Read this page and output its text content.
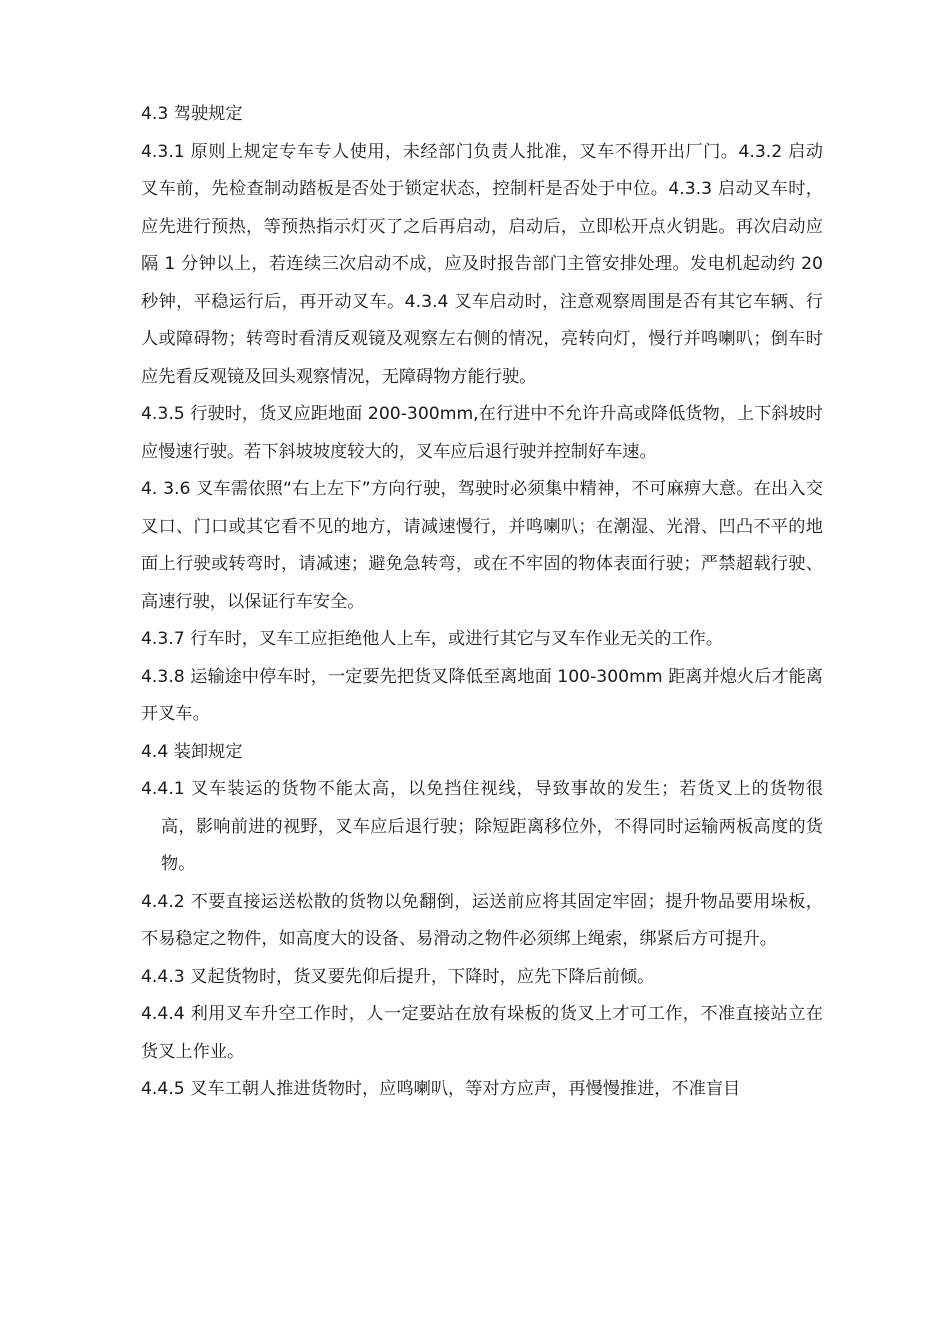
4.3 驾驶规定

4.3.1 原则上规定专车专人使用，未经部门负责人批准，叉车不得开出厂门。4.3.2 启动叉车前，先检查制动踏板是否处于锁定状态，控制杆是否处于中位。4.3.3 启动叉车时，应先进行预热，等预热指示灯灭了之后再启动，启动后，立即松开点火钥匙。再次启动应隔 1 分钟以上，若连续三次启动不成，应及时报告部门主管安排处理。发电机起动约 20 秒钟，平稳运行后，再开动叉车。4.3.4 叉车启动时，注意观察周围是否有其它车辆、行人或障碍物；转弯时看清反观镜及观察左右侧的情况，亮转向灯，慢行并鸣喇叭；倒车时应先看反观镜及回头观察情况，无障碍物方能行驶。

4.3.5 行驶时，货叉应距地面 200-300mm,在行进中不允许升高或降低货物，上下斜坡时应慢速行驶。若下斜坡坡度较大的，叉车应后退行驶并控制好车速。

4. 3.6 叉车需依照“右上左下”方向行驶，驾驶时必须集中精神，不可麻痹大意。在出入交叉口、门口或其它看不见的地方，请减速慢行，并鸣喇叭；在潮湿、光滑、凹凸不平的地面上行驶或转弯时，请减速；避免急转弯，或在不牢固的物体表面行驶；严禁超载行驶、高速行驶，以保证行车安全。

4.3.7 行车时，叉车工应拒绝他人上车，或进行其它与叉车作业无关的工作。

4.3.8 运输途中停车时，一定要先把货叉降低至离地面 100-300mm 距离并熄火后才能离开叉车。

4.4 装卸规定

4.4.1 叉车装运的货物不能太高，以免挡住视线，导致事故的发生；若货叉上的货物很高，影响前进的视野，叉车应后退行驶；除短距离移位外，不得同时运输两板高度的货物。

4.4.2 不要直接运送松散的货物以免翻倒，运送前应将其固定牢固；提升物品要用垛板，不易稳定之物件，如高度大的设备、易滑动之物件必须绑上绳索，绑紧后方可提升。

4.4.3 叉起货物时，货叉要先仰后提升，下降时，应先下降后前倾。

4.4.4 利用叉车升空工作时，人一定要站在放有垛板的货叉上才可工作，不准直接站立在货叉上作业。

4.4.5 叉车工朝人推进货物时，应鸣喇叭，等对方应声，再慢慢推进，不准盲目
